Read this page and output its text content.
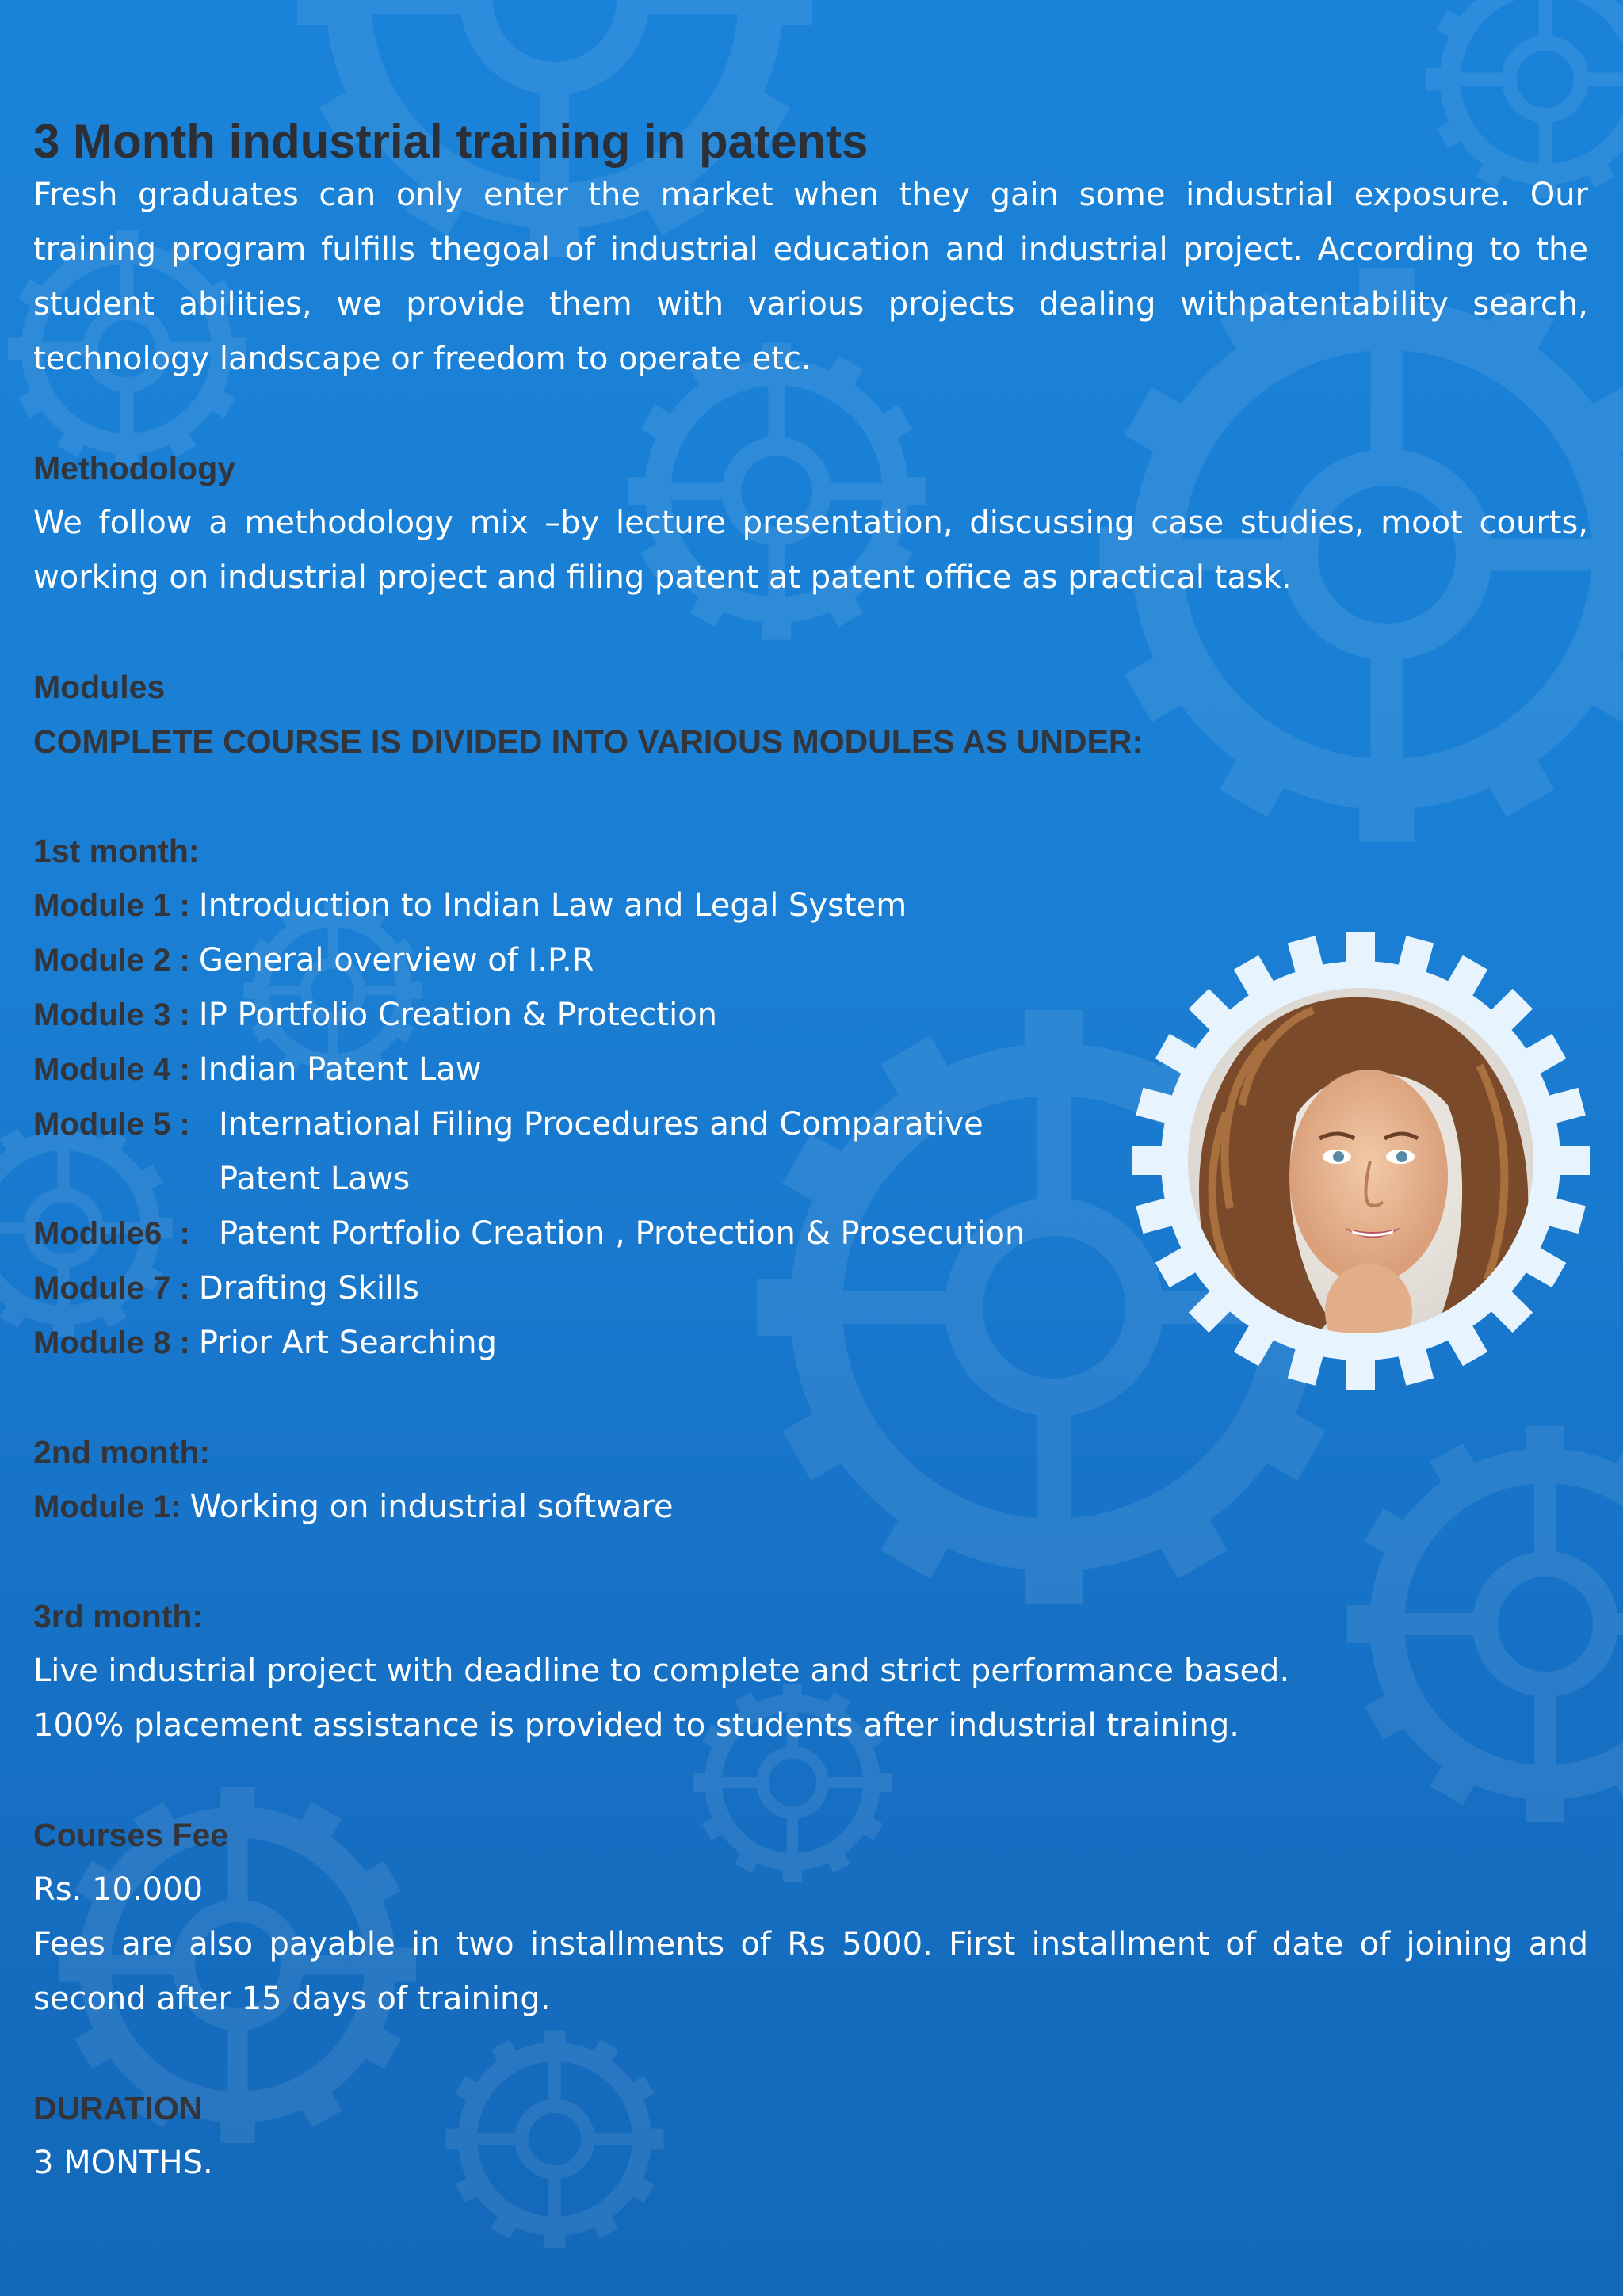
3 Month industrial training in patents

Fresh graduates can only enter the market when they gain some industrial exposure. Our training program fulfills thegoal of industrial education and industrial project. According to the student abilities, we provide them with various projects dealing withpatentability search, technology landscape or freedom to operate etc.

Methodology

We follow a methodology mix –by lecture presentation, discussing case studies, moot courts, working on industrial project and filing patent at patent office as practical task.

Modules
COMPLETE COURSE IS DIVIDED INTO VARIOUS MODULES AS UNDER:
1st month:
Module 1 : Introduction to Indian Law and Legal System
Module 2 : General overview of I.P.R
Module 3 : IP Portfolio Creation & Protection
Module 4 : Indian Patent Law
Module 5 : International Filing Procedures and Comparative Patent Laws
Module6  : Patent Portfolio Creation , Protection & Prosecution
Module 7 : Drafting Skills
Module 8 : Prior Art Searching
2nd month:
Module 1: Working on industrial software
3rd month:

Live industrial project with deadline to complete and strict performance based.

100% placement assistance is provided to students after industrial training.

Courses Fee

Rs. 10.000

Fees are also payable in two installments of Rs 5000. First installment of date of joining and second after 15 days of training.

DURATION

3 MONTHS.
